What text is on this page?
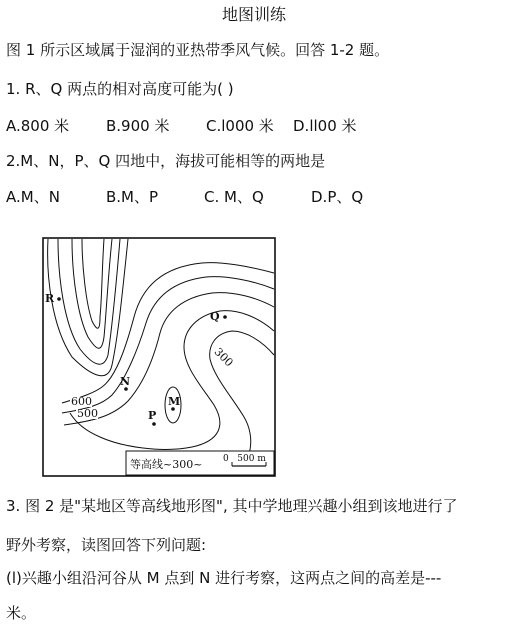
地图训练
图 1 所示区域属于湿润的亚热带季风气候。回答 1-2 题。
1. R、Q 两点的相对高度可能为( )
A.800 米 B.900 米 C.l000 米 D.ll00 米
2.M、N，P、Q 四地中，海拔可能相等的两地是
A.M、N	B.M、P	C. M、Q	D.P、Q
600
500
300
R
Q
N
M
P
等高线~300~ 0   500 m
3. 图 2 是"某地区等高线地形图", 其中学地理兴趣小组到该地进行了
野外考察，读图回答下列问题:
(l)兴趣小组沿河谷从 M 点到 N 进行考察，这两点之间的高差是---
米。
